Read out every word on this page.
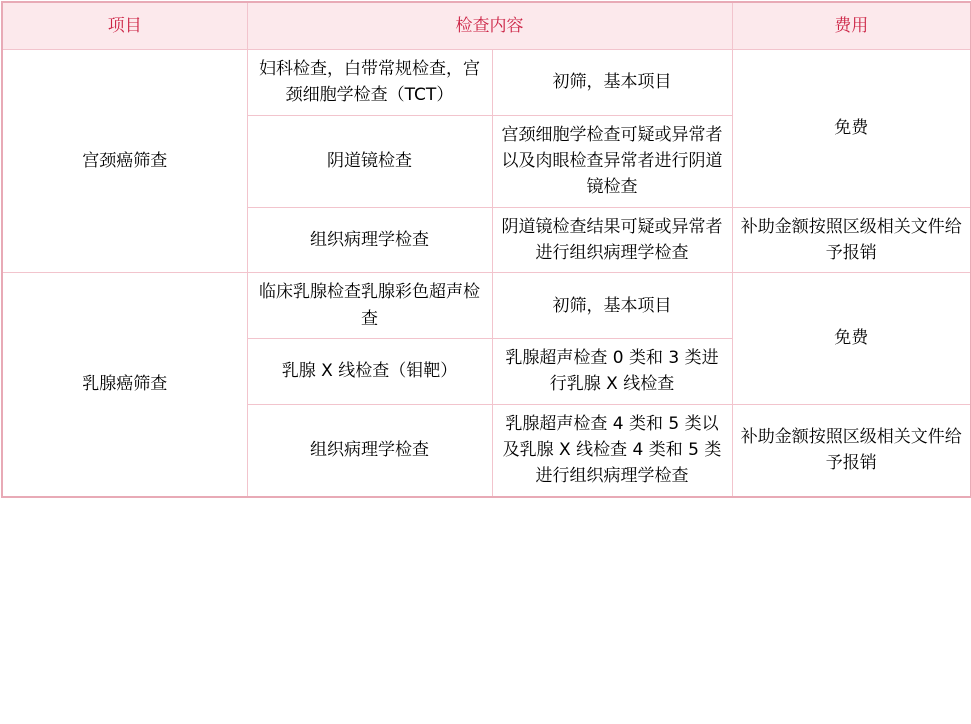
项目	检查内容		费用
宫颈癌筛查	妇科检查，白带常规检查，宫颈细胞学检查（TCT）	初筛，基本项目	免费
	阴道镜检查	宫颈细胞学检查可疑或异常者以及肉眼检查异常者进行阴道镜检查	
	组织病理学检查	阴道镜检查结果可疑或异常者进行组织病理学检查	补助金额按照区级相关文件给予报销
乳腺癌筛查	临床乳腺检查乳腺彩色超声检查	初筛，基本项目	免费
	乳腺 X 线检查（钼靶）	乳腺超声检查 0 类和 3 类进行乳腺 X 线检查	
	组织病理学检查	乳腺超声检查 4 类和 5 类以及乳腺 X 线检查 4 类和 5 类进行组织病理学检查	补助金额按照区级相关文件给予报销
